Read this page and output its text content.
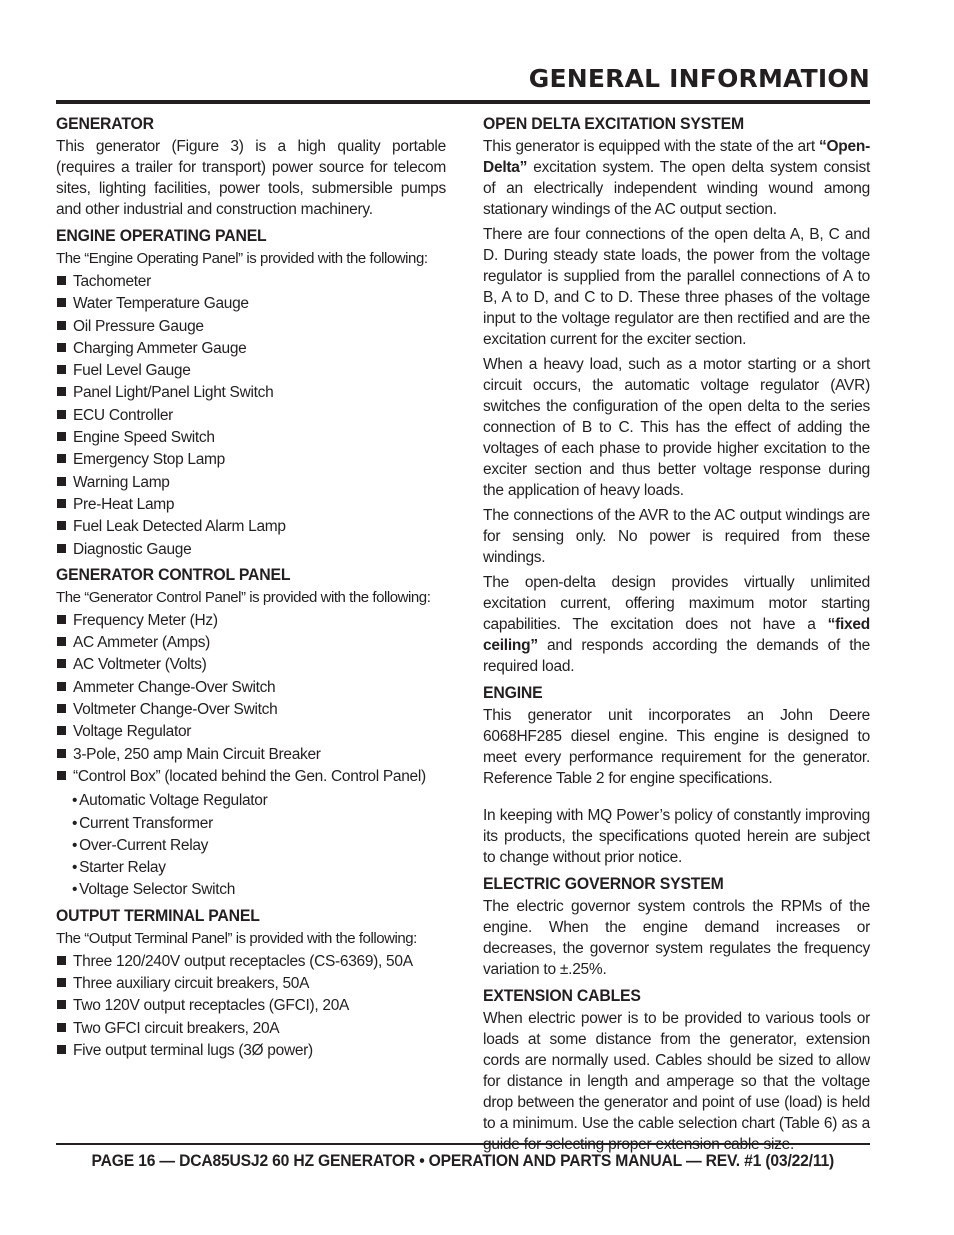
GENERAL INFORMATION
GENERATOR

This generator (Figure 3) is a high quality portable (requires a trailer for transport) power source for telecom sites, lighting facilities, power tools, submersible pumps and other industrial and construction machinery.

ENGINE OPERATING PANEL

The “Engine Operating Panel” is provided with the following:

Tachometer
Water Temperature Gauge
Oil Pressure Gauge
Charging Ammeter Gauge
Fuel Level Gauge
Panel Light/Panel Light Switch
ECU Controller
Engine Speed Switch
Emergency Stop Lamp
Warning Lamp
Pre-Heat Lamp
Fuel Leak Detected Alarm Lamp
Diagnostic Gauge
GENERATOR CONTROL PANEL

The “Generator Control Panel” is provided with the following:

Frequency Meter (Hz)
AC Ammeter (Amps)
AC Voltmeter (Volts)
Ammeter Change-Over Switch
Voltmeter Change-Over Switch
Voltage Regulator
3-Pole, 250 amp Main Circuit Breaker
“Control Box” (located behind the Gen. Control Panel)
• Automatic Voltage Regulator
• Current Transformer
• Over-Current Relay
• Starter Relay
• Voltage Selector Switch
OUTPUT TERMINAL PANEL

The “Output Terminal Panel” is provided with the following:

Three 120/240V output receptacles (CS-6369), 50A
Three auxiliary circuit breakers, 50A
Two 120V output receptacles (GFCI), 20A
Two GFCI circuit breakers, 20A
Five output terminal lugs (3Ø power)
OPEN DELTA EXCITATION SYSTEM

This generator is equipped with the state of the art “Open-Delta” excitation system. The open delta system consist of an electrically independent winding wound among stationary windings of the AC output section.

There are four connections of the open delta A, B, C and D. During steady state loads, the power from the voltage regulator is supplied from the parallel connections of A to B, A to D, and C to D. These three phases of the voltage input to the voltage regulator are then rectified and are the excitation current for the exciter section.

When a heavy load, such as a motor starting or a short circuit occurs, the automatic voltage regulator (AVR) switches the configuration of the open delta to the series connection of B to C. This has the effect of adding the voltages of each phase to provide higher excitation to the exciter section and thus better voltage response during the application of heavy loads.

The connections of the AVR to the AC output windings are for sensing only. No power is required from these windings.

The open-delta design provides virtually unlimited excitation current, offering maximum motor starting capabilities. The excitation does not have a “fixed ceiling” and responds according the demands of the required load.

ENGINE

This generator unit incorporates an John Deere 6068HF285 diesel engine. This engine is designed to meet every performance requirement for the generator. Reference Table 2 for engine specifications.

In keeping with MQ Power’s policy of constantly improving its products, the specifications quoted herein are subject to change without prior notice.

ELECTRIC GOVERNOR SYSTEM

The electric governor system controls the RPMs of the engine. When the engine demand increases or decreases, the governor system regulates the frequency variation to ±.25%.

EXTENSION CABLES

When electric power is to be provided to various tools or loads at some distance from the generator, extension cords are normally used. Cables should be sized to allow for distance in length and amperage so that the voltage drop between the generator and point of use (load) is held to a minimum. Use the cable selection chart (Table 6) as a

PAGE 16 — DCA85USJ2 60 HZ GENERATOR • OPERATION AND PARTS MANUAL — REV. #1 (03/22/11)
